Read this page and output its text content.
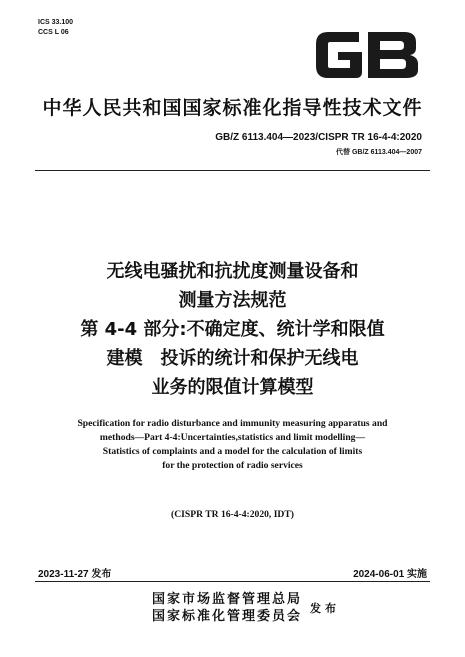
ICS 33.100
CCS L 06
中华人民共和国国家标准化指导性技术文件
GB/Z 6113.404—2023/CISPR TR 16-4-4:2020
代替 GB/Z 6113.404—2007
无线电骚扰和抗扰度测量设备和
测量方法规范
第 4-4 部分:不确定度、统计学和限值
建模　投诉的统计和保护无线电
业务的限值计算模型
Specification for radio disturbance and immunity measuring apparatus and
methods—Part 4-4:Uncertainties,statistics and limit modelling—
Statistics of complaints and a model for the calculation of limits
for the protection of radio services
(CISPR TR 16-4-4:2020, IDT)
2023-11-27 发布	2024-06-01 实施
国家市场监督管理总局
国家标准化管理委员会
发布
